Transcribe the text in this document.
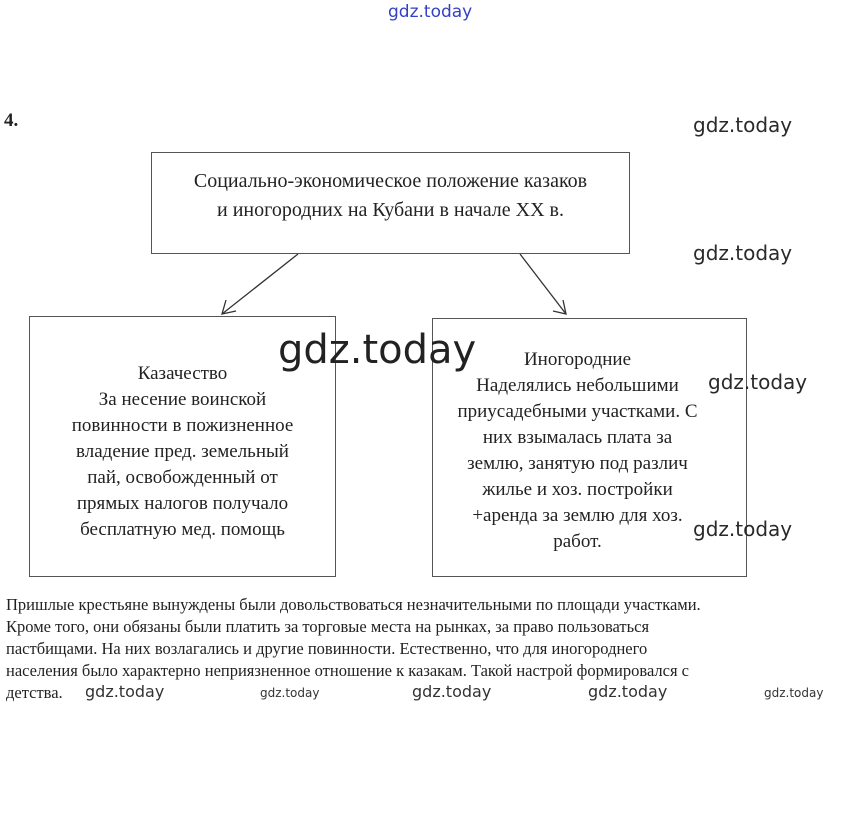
gdz.today
4.	gdz.today
gdz.today
Социально-экономическое положение казаков
и иногородних на Кубани в начале XX в.
Казачество
За несение воинской
повинности в пожизненное
владение пред. земельный
пай, освобожденный от
прямых налогов получало
бесплатную мед. помощь
Иногородние
Наделялись небольшими
приусадебными участками. С
них взымалась плата за
землю, занятую под различ
жилье и хоз. постройки
+аренда за землю для хоз.
работ.
gdz.today
gdz.today
gdz.today
Пришлые крестьяне вынуждены были довольствоваться незначительными по площади участками.
Кроме того, они обязаны были платить за торговые места на рынках, за право пользоваться
пастбищами. На них возлагались и другие повинности. Естественно, что для иногороднего
населения было характерно неприязненное отношение к казакам. Такой настрой формировался с
детства.	gdz.today	gdz.today	gdz.today	gdz.today	gdz.today
